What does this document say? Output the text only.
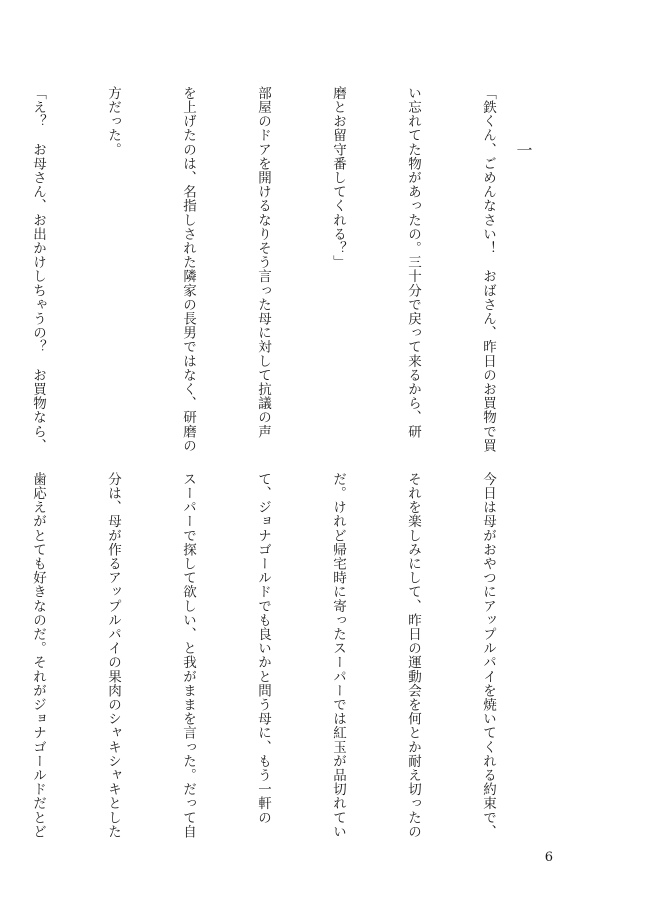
一

「鉄くん、ごめんなさい！　おばさん、昨日のお買物で買

い忘れてた物があったの。三十分で戻って来るから、研

磨とお留守番してくれる？」

部屋のドアを開けるなりそう言った母に対して抗議の声

を上げたのは、名指しされた隣家の長男ではなく、研磨の

方だった。

「え？　お母さん、お出かけしちゃうの？　お買物なら、

今日は母がおやつにアップルパイを焼いてくれる約束で、

それを楽しみにして、昨日の運動会を何とか耐え切ったの

だ。けれど帰宅時に寄ったスーパーでは紅玉が品切れてい

て、ジョナゴールドでも良いかと問う母に、もう一軒の

スーパーで探して欲しい、と我がままを言った。だって自

分は、母が作るアップルパイの果肉のシャキシャキとした

歯応えがとても好きなのだ。それがジョナゴールドだとど

6
